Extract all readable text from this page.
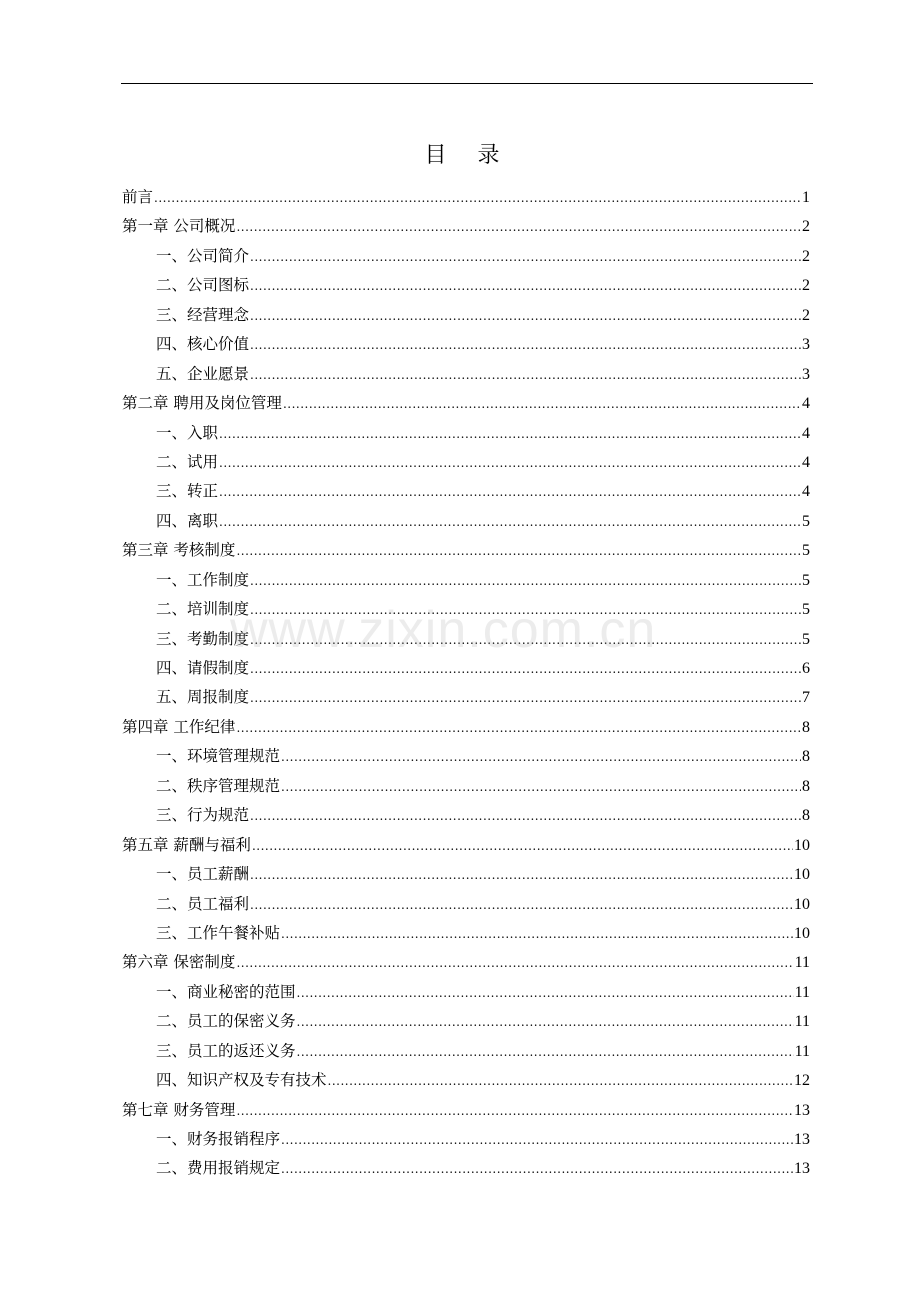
目 录
前言 .....	1
第一章 公司概况 .....	2
一、公司简介 .....	2
二、公司图标 .....	2
三、经营理念 .....	2
四、核心价值 .....	3
五、企业愿景 .....	3
第二章 聘用及岗位管理 .....	4
一、入职 .....	4
二、试用 .....	4
三、转正 .....	4
四、离职 .....	5
第三章 考核制度 .....	5
一、工作制度 .....	5
二、培训制度 .....	5
三、考勤制度 .....	5
四、请假制度 .....	6
五、周报制度 .....	7
第四章 工作纪律 .....	8
一、环境管理规范 .....	8
二、秩序管理规范 .....	8
三、行为规范 .....	8
第五章 薪酬与福利 .....	10
一、员工薪酬 .....	10
二、员工福利 .....	10
三、工作午餐补贴 .....	10
第六章 保密制度 .....	11
一、商业秘密的范围 .....	11
二、员工的保密义务 .....	11
三、员工的返还义务 .....	11
四、知识产权及专有技术 .....	12
第七章 财务管理 .....	13
一、财务报销程序 .....	13
二、费用报销规定 .....	13
www.zixin.com.cn
